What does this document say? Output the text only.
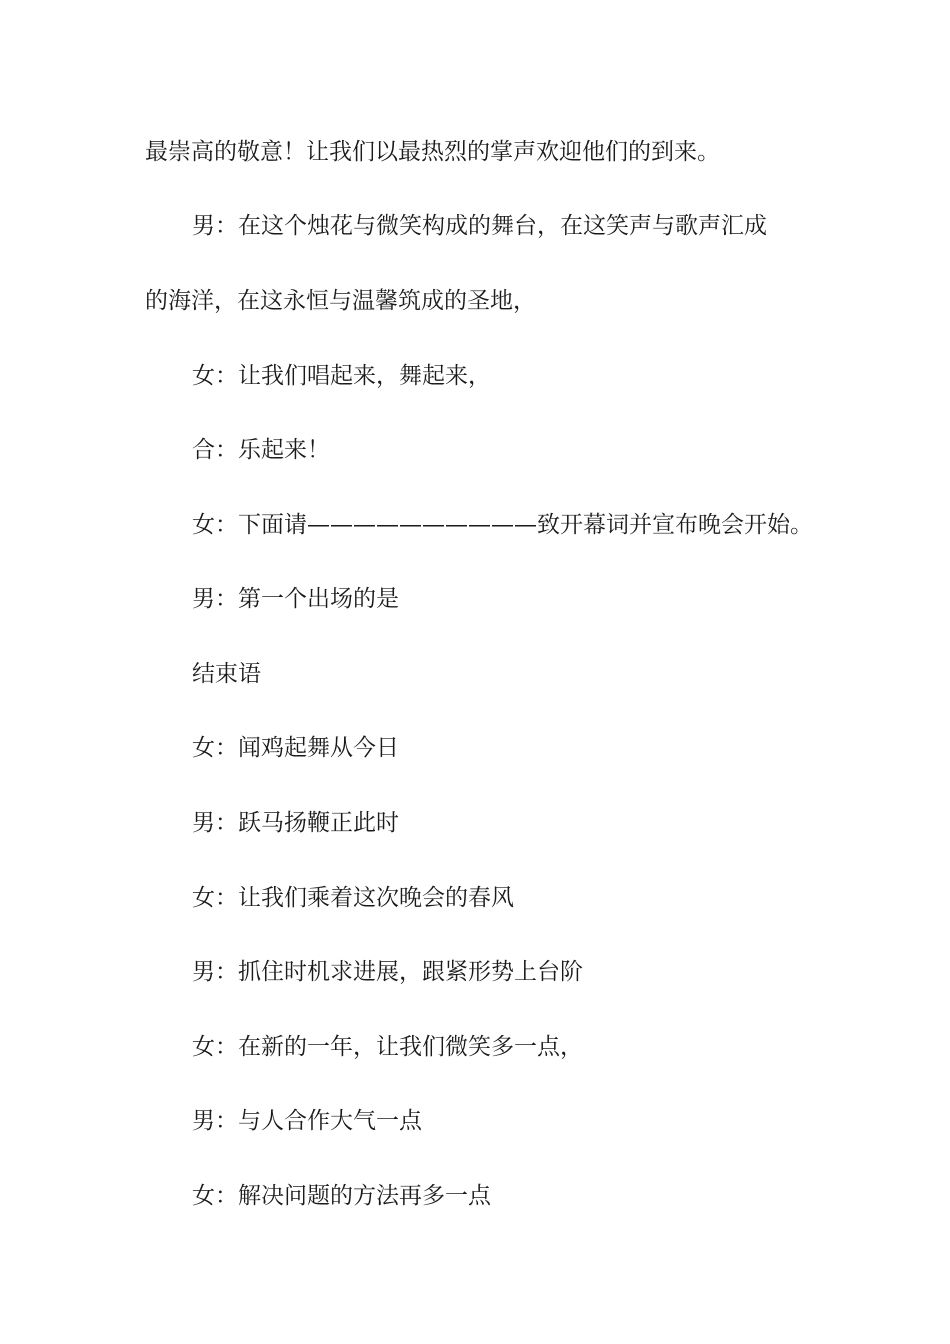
最崇高的敬意！让我们以最热烈的掌声欢迎他们的到来。
男：在这个烛花与微笑构成的舞台，在这笑声与歌声汇成
的海洋，在这永恒与温馨筑成的圣地，
女：让我们唱起来，舞起来，
合：乐起来！
女：下面请——————————致开幕词并宣布晚会开始。
男：第一个出场的是
结束语
女：闻鸡起舞从今日
男：跃马扬鞭正此时
女：让我们乘着这次晚会的春风
男：抓住时机求进展，跟紧形势上台阶
女：在新的一年，让我们微笑多一点，
男：与人合作大气一点
女：解决问题的方法再多一点
